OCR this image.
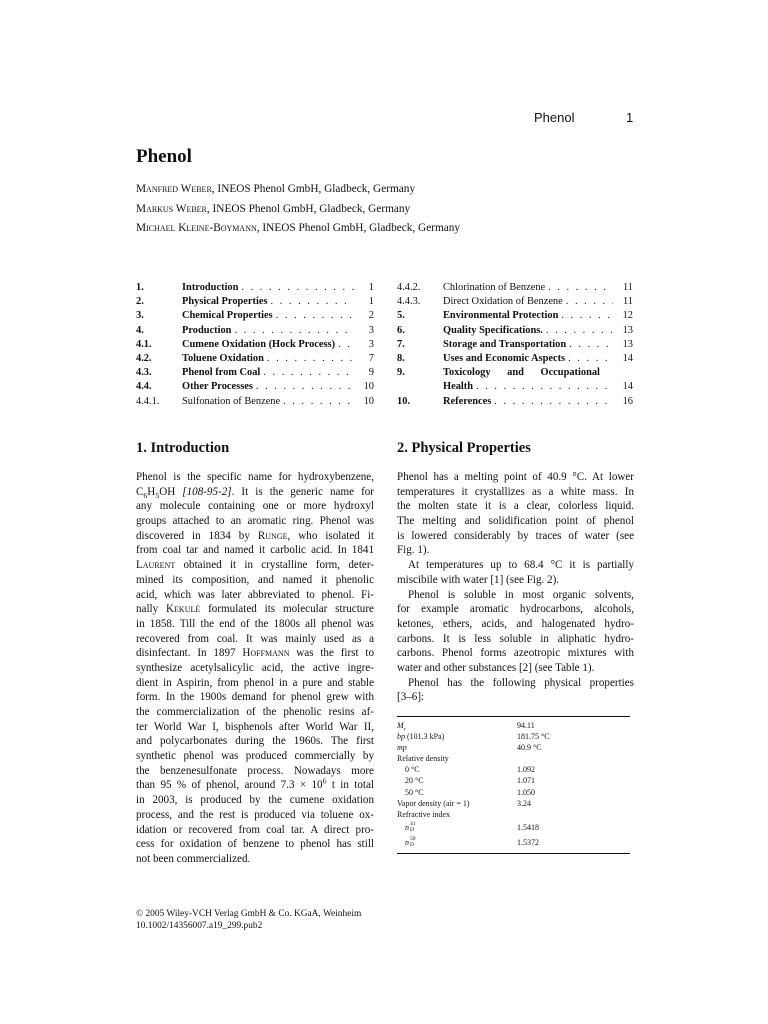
Phenol	1
Phenol
Manfred Weber, INEOS Phenol GmbH, Gladbeck, Germany
Markus Weber, INEOS Phenol GmbH, Gladbeck, Germany
Michael Kleine-Boymann, INEOS Phenol GmbH, Gladbeck, Germany
1.	Introduction . . .	1
2.	Physical Properties . . .	1
3.	Chemical Properties . . .	2
4.	Production . . .	3
4.1.	Cumene Oxidation (Hock Process) . . .	3
4.2.	Toluene Oxidation . . .	7
4.3.	Phenol from Coal . . .	9
4.4.	Other Processes . . .	10
4.4.1.	Sulfonation of Benzene . . .	10
4.4.2.	Chlorination of Benzene . . .	11
4.4.3.	Direct Oxidation of Benzene . . .	11
5.	Environmental Protection . . .	12
6.	Quality Specifications. . . .	13
7.	Storage and Transportation . . .	13
8.	Uses and Economic Aspects . . .	14
9.	Toxicology and Occupational
Health . . .	14
10.	References . . .	16
1. Introduction	2. Physical Properties
Phenol is the specific name for hydroxybenzene,
$C_6H_5OH$ [108-95-2]. It is the generic name for
any molecule containing one or more hydroxyl
groups attached to an aromatic ring. Phenol was
discovered in 1834 by Runge, who isolated it
from coal tar and named it carbolic acid. In 1841
Laurent obtained it in crystalline form, deter-
mined its composition, and named it phenolic
acid, which was later abbreviated to phenol. Fi-
nally Kekulé formulated its molecular structure
in 1858. Till the end of the 1800s all phenol was
recovered from coal. It was mainly used as a
disinfectant. In 1897 Hoffmann was the first to
synthesize acetylsalicylic acid, the active ingre-
dient in Aspirin, from phenol in a pure and stable
form. In the 1900s demand for phenol grew with
the commercialization of the phenolic resins af-
ter World War I, bisphenols after World War II,
and polycarbonates during the 1960s. The first
synthetic phenol was produced commercially by
the benzenesulfonate process. Nowadays more
than 95 % of phenol, around $7.3 \times 10^6$ t in total
in 2003, is produced by the cumene oxidation
process, and the rest is produced via toluene ox-
idation or recovered from coal tar. A direct pro-
cess for oxidation of benzene to phenol has still
not been commercialized.
Phenol has a melting point of 40.9 °C. At lower
temperatures it crystallizes as a white mass. In
the molten state it is a clear, colorless liquid.
The melting and solidification point of phenol
is lowered considerably by traces of water (see
Fig. 1).
At temperatures up to 68.4 °C it is partially
miscibile with water [1] (see Fig. 2).
Phenol is soluble in most organic solvents,
for example aromatic hydrocarbons, alcohols,
ketones, ethers, acids, and halogenated hydro-
carbons. It is less soluble in aliphatic hydro-
carbons. Phenol forms azeotropic mixtures with
water and other substances [2] (see Table 1).
Phenol has the following physical properties
[3–6]:
$M_r$	94.11
bp (101.3 kPa)	181.75 °C
mp	40.9 °C
Relative density
0 °C	1.092
20 °C	1.071
50 °C	1.050
Vapor density (air = 1)	3.24
Refractive index
n 41
D	1.5418
n 50
D	1.5372
© 2005 Wiley-VCH Verlag GmbH & Co. KGaA, Weinheim
10.1002/14356007.a19_299.pub2
